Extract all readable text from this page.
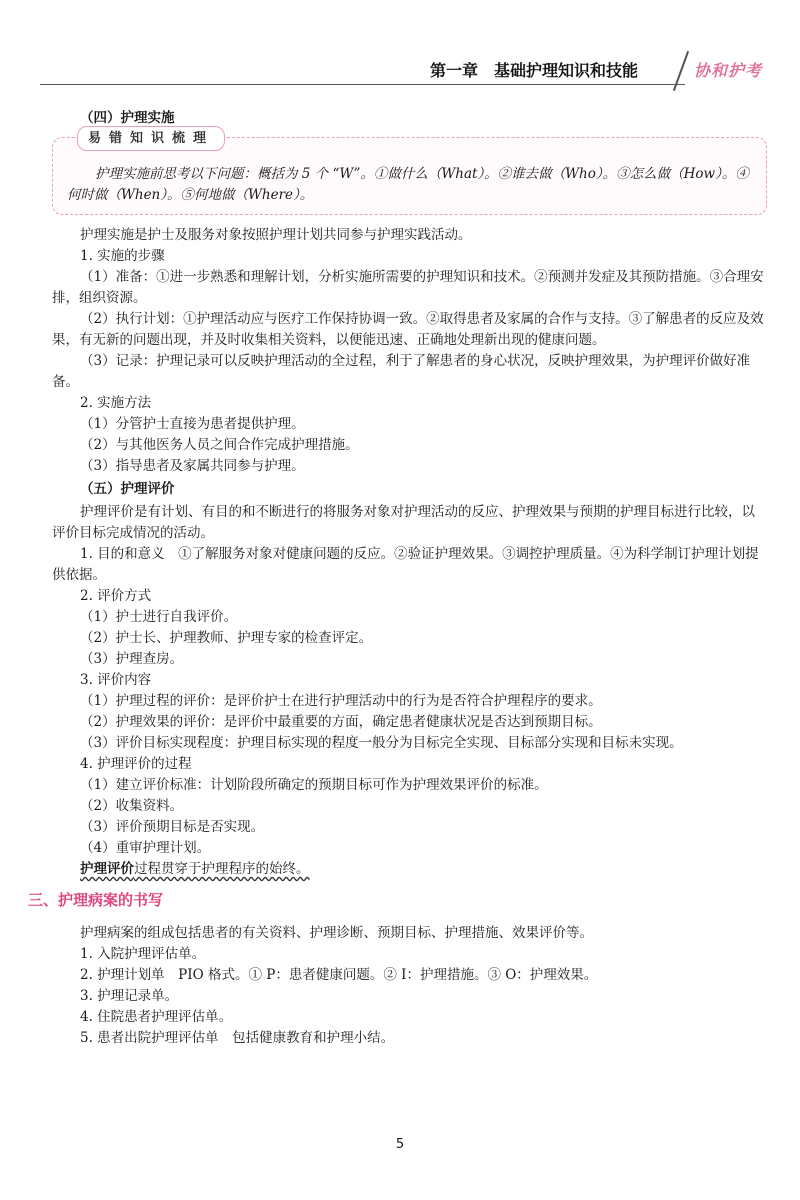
第一章 基础护理知识和技能	协和护考

（四）护理实施

易错知识梳理

护理实施前思考以下问题：概括为 5 个 “W”。①做什么（What）。②谁去做（Who）。③怎么做（How）。④何时做（When）。⑤何地做（Where）。

护理实施是护士及服务对象按照护理计划共同参与护理实践活动。

1. 实施的步骤

（1）准备：①进一步熟悉和理解计划，分析实施所需要的护理知识和技术。②预测并发症及其预防措施。③合理安排，组织资源。

（2）执行计划：①护理活动应与医疗工作保持协调一致。②取得患者及家属的合作与支持。③了解患者的反应及效果，有无新的问题出现，并及时收集相关资料，以便能迅速、正确地处理新出现的健康问题。

（3）记录：护理记录可以反映护理活动的全过程，利于了解患者的身心状况，反映护理效果，为护理评价做好准备。

2. 实施方法

（1）分管护士直接为患者提供护理。

（2）与其他医务人员之间合作完成护理措施。

（3）指导患者及家属共同参与护理。

（五）护理评价

护理评价是有计划、有目的和不断进行的将服务对象对护理活动的反应、护理效果与预期的护理目标进行比较，以评价目标完成情况的活动。

1. 目的和意义　①了解服务对象对健康问题的反应。②验证护理效果。③调控护理质量。④为科学制订护理计划提供依据。

2. 评价方式

（1）护士进行自我评价。

（2）护士长、护理教师、护理专家的检查评定。

（3）护理查房。

3. 评价内容

（1）护理过程的评价：是评价护士在进行护理活动中的行为是否符合护理程序的要求。

（2）护理效果的评价：是评价中最重要的方面，确定患者健康状况是否达到预期目标。

（3）评价目标实现程度：护理目标实现的程度一般分为目标完全实现、目标部分实现和目标未实现。

4. 护理评价的过程

（1）建立评价标准：计划阶段所确定的预期目标可作为护理效果评价的标准。

（2）收集资料。

（3）评价预期目标是否实现。

（4）重审护理计划。

护理评价过程贯穿于护理程序的始终。

三、护理病案的书写

护理病案的组成包括患者的有关资料、护理诊断、预期目标、护理措施、效果评价等。

1. 入院护理评估单。

2. 护理计划单　PIO 格式。① P：患者健康问题。② I：护理措施。③ O：护理效果。

3. 护理记录单。

4. 住院患者护理评估单。

5. 患者出院护理评估单　包括健康教育和护理小结。

5
